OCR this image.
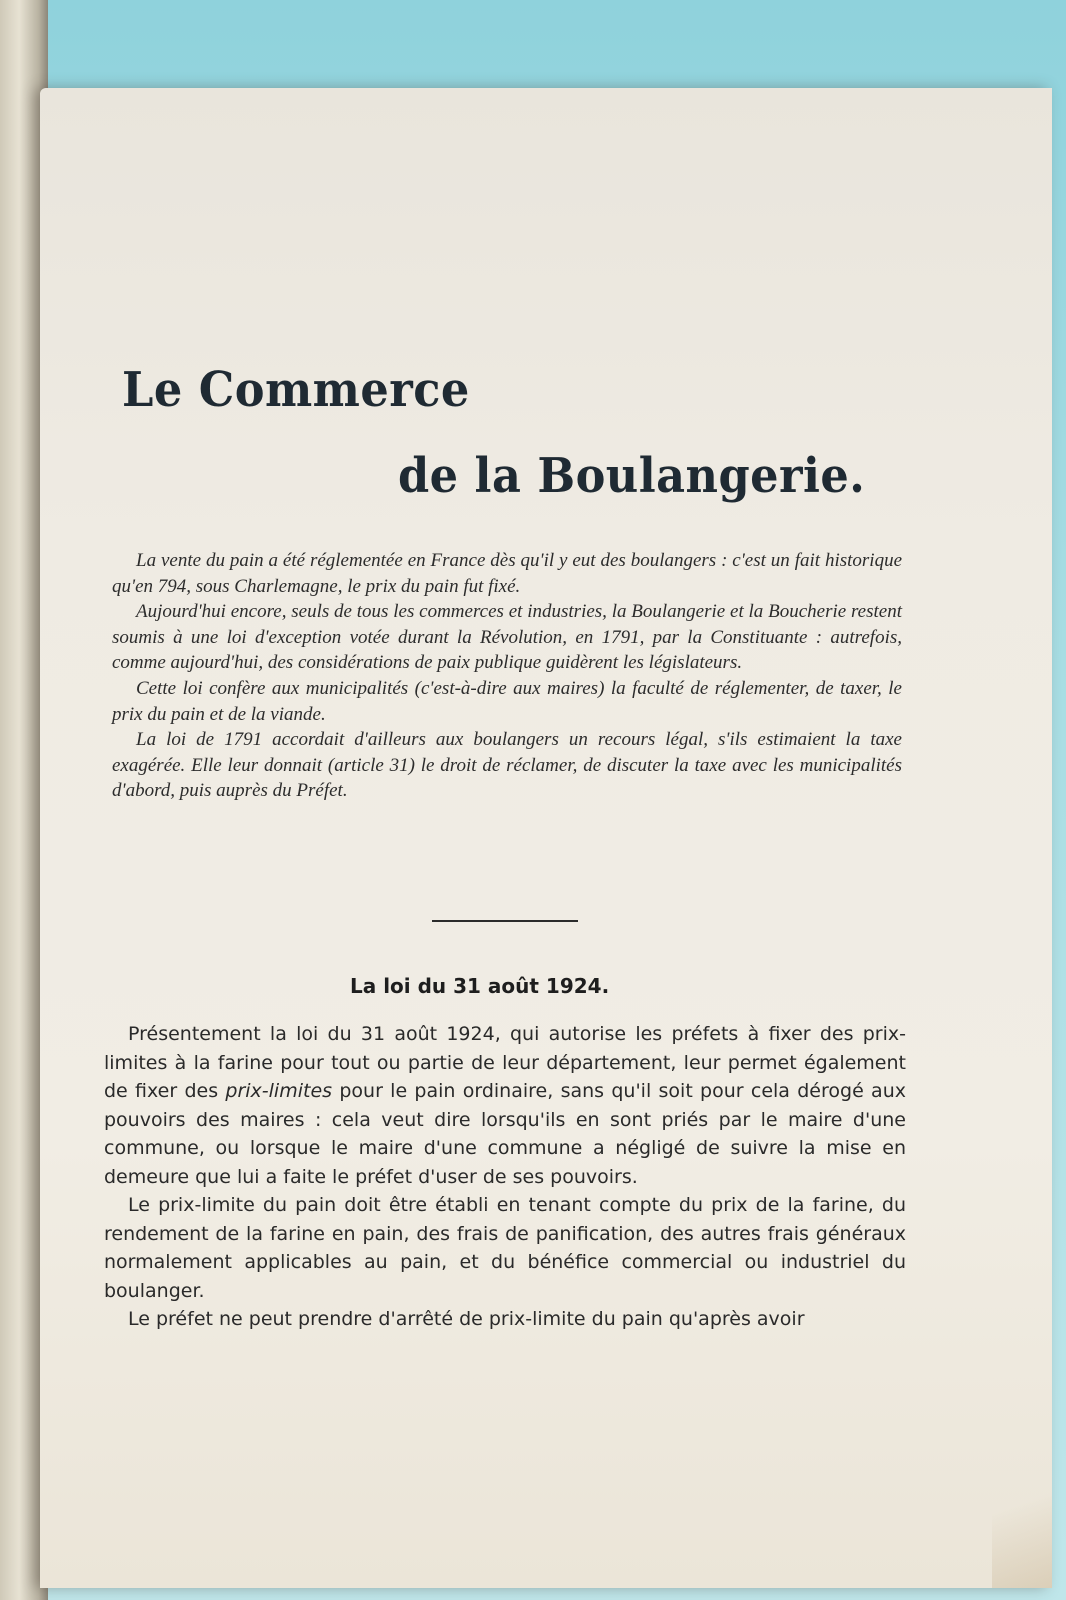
Le Commerce
de la Boulangerie.

La vente du pain a été réglementée en France dès qu'il y eut des boulangers : c'est un fait historique qu'en 794, sous Charlemagne, le prix du pain fut fixé.

Aujourd'hui encore, seuls de tous les commerces et industries, la Boulangerie et la Boucherie restent soumis à une loi d'exception votée durant la Révolution, en 1791, par la Constituante : autrefois, comme aujourd'hui, des considérations de paix publique guidèrent les législateurs.

Cette loi confère aux municipalités (c'est-à-dire aux maires) la faculté de réglementer, de taxer, le prix du pain et de la viande.

La loi de 1791 accordait d'ailleurs aux boulangers un recours légal, s'ils estimaient la taxe exagérée. Elle leur donnait (article 31) le droit de réclamer, de discuter la taxe avec les municipalités d'abord, puis auprès du Préfet.

La loi du 31 août 1924.

Présentement la loi du 31 août 1924, qui autorise les préfets à fixer des prix-limites à la farine pour tout ou partie de leur département, leur permet également de fixer des prix-limites pour le pain ordinaire, sans qu'il soit pour cela dérogé aux pouvoirs des maires : cela veut dire lorsqu'ils en sont priés par le maire d'une commune, ou lorsque le maire d'une commune a négligé de suivre la mise en demeure que lui a faite le préfet d'user de ses pouvoirs.

Le prix-limite du pain doit être établi en tenant compte du prix de la farine, du rendement de la farine en pain, des frais de panification, des autres frais généraux normalement applicables au pain, et du bénéfice commercial ou industriel du boulanger.

Le préfet ne peut prendre d'arrêté de prix-limite du pain qu'après avoir
